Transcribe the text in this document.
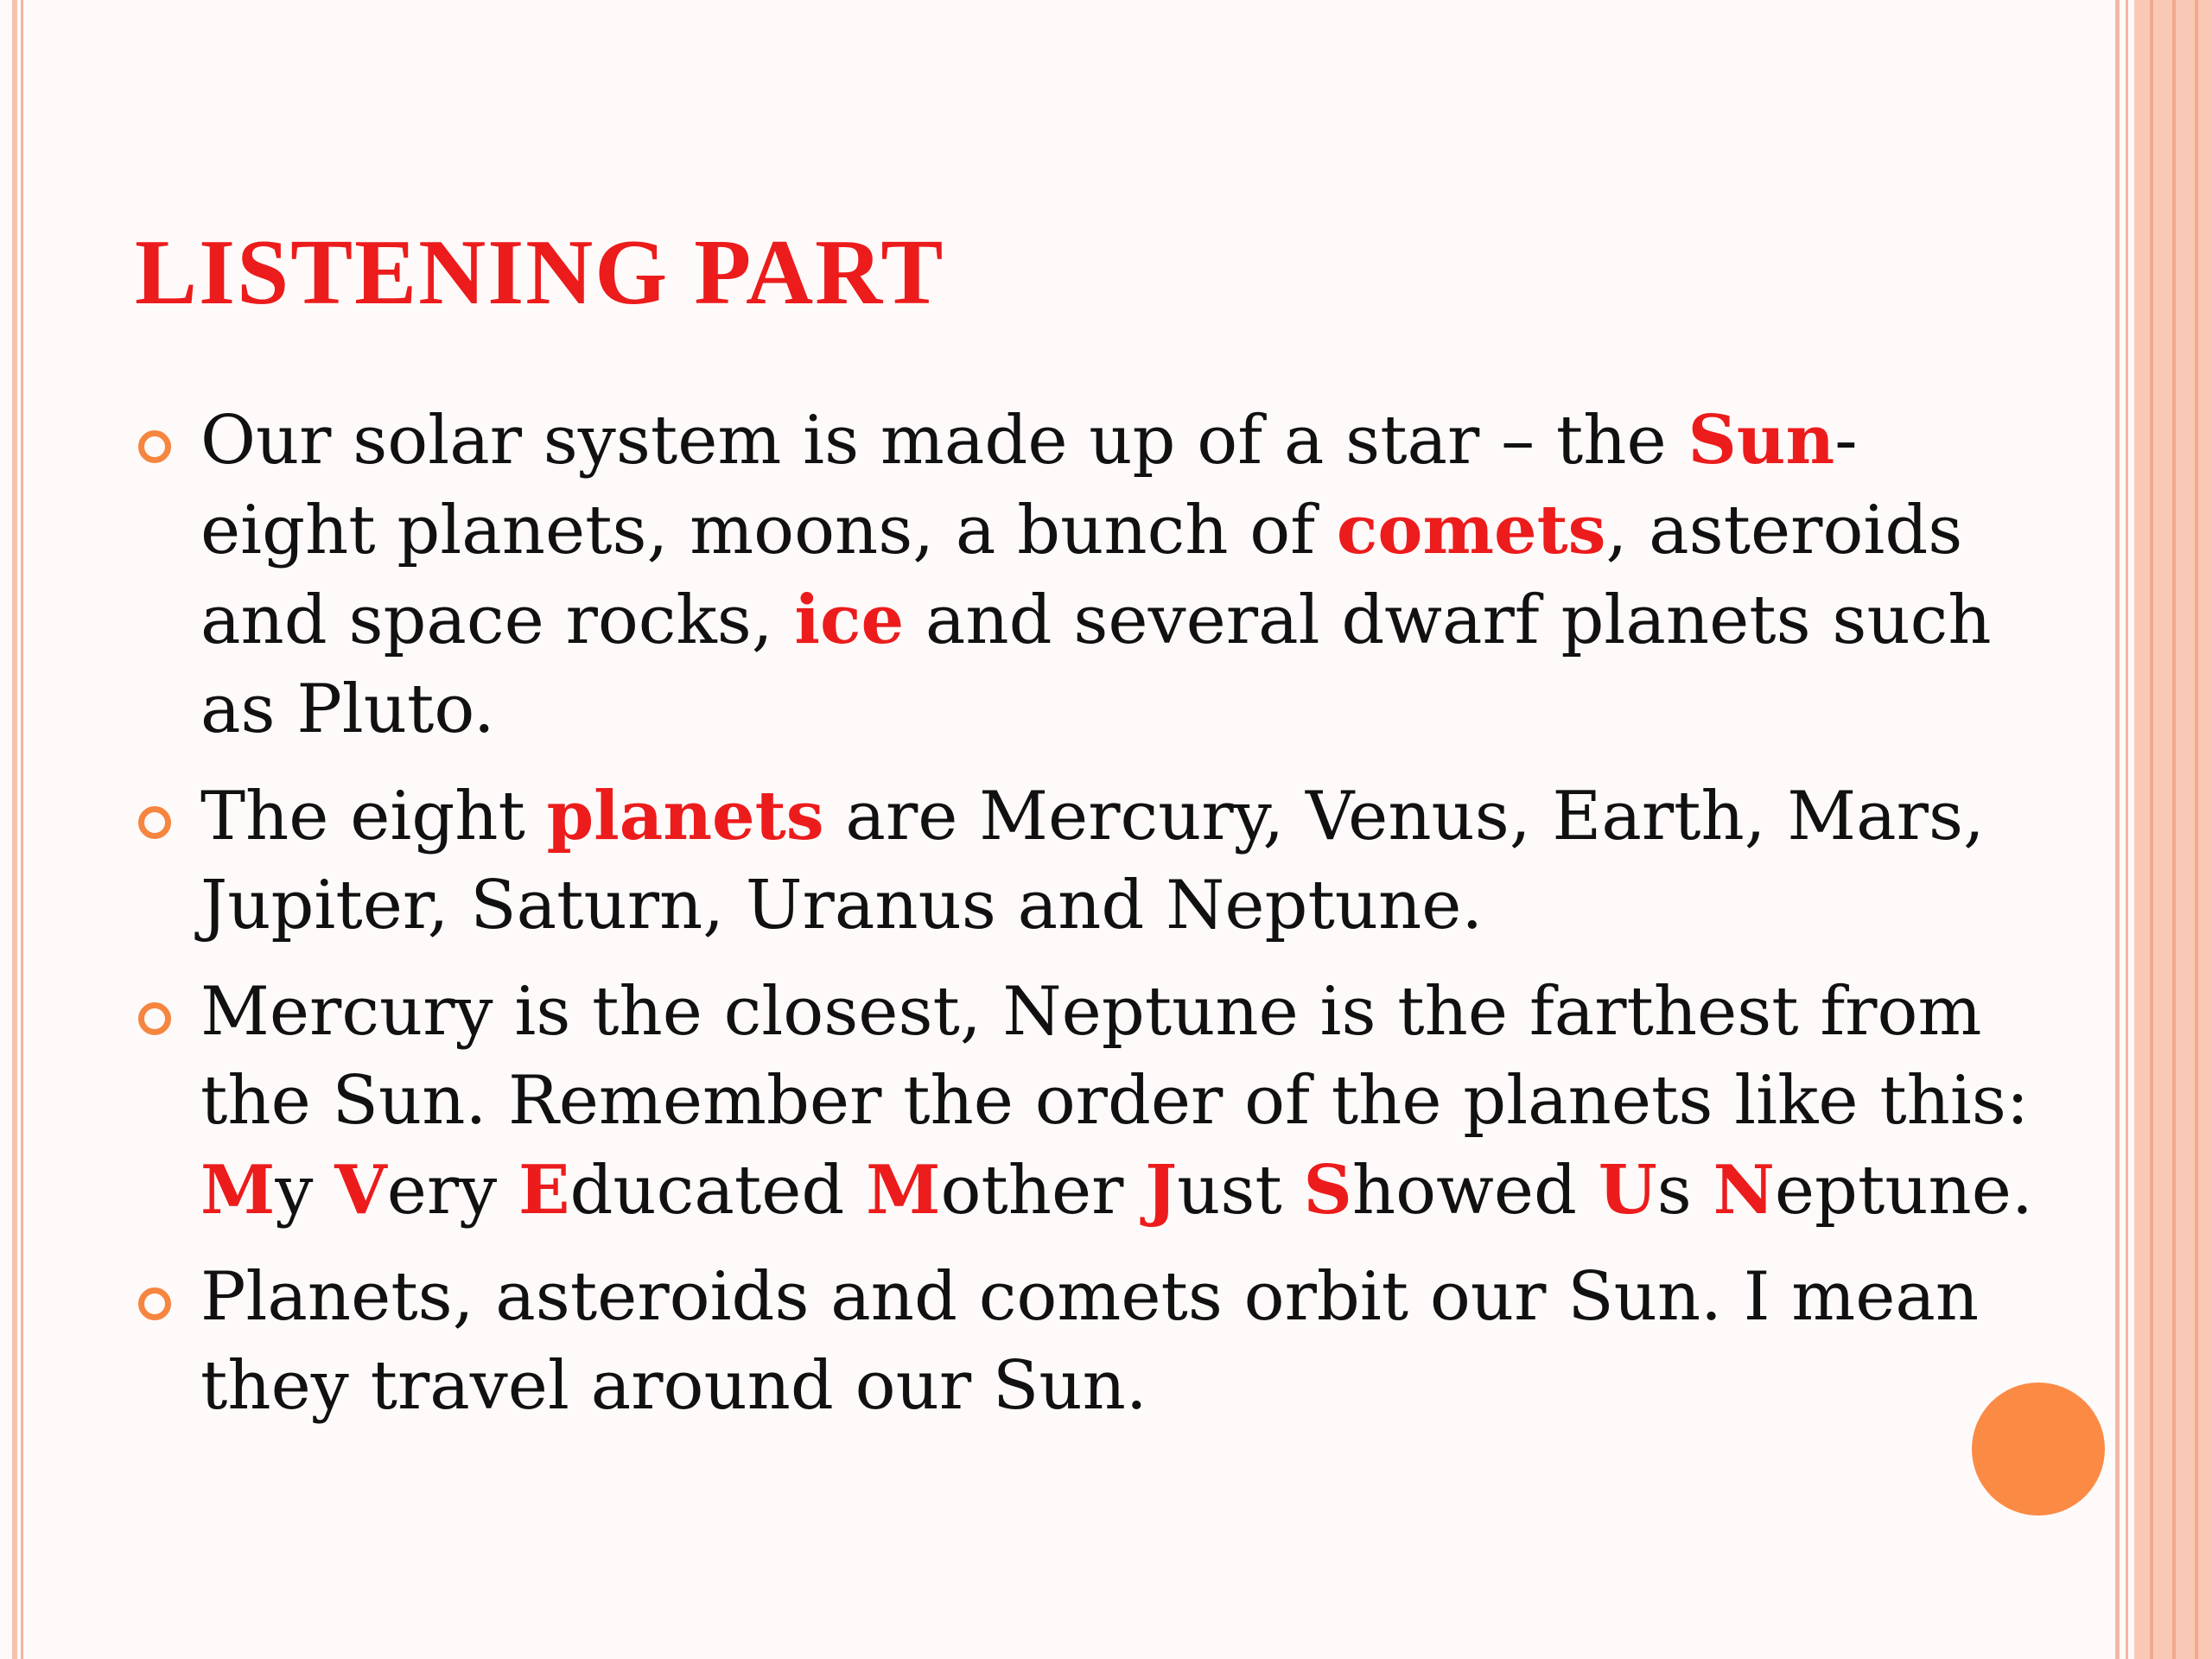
LISTENING PART
Our solar system is made up of a star – the Sun- eight planets, moons, a bunch of comets, asteroids and space rocks, ice and several dwarf planets such as Pluto.
The eight planets are Mercury, Venus, Earth, Mars, Jupiter, Saturn, Uranus and Neptune.
Mercury is the closest, Neptune is the farthest from the Sun. Remember the order of the planets like this: My Very Educated Mother Just Showed Us Neptune.
Planets, asteroids and comets orbit our Sun. I mean they travel around our Sun.
